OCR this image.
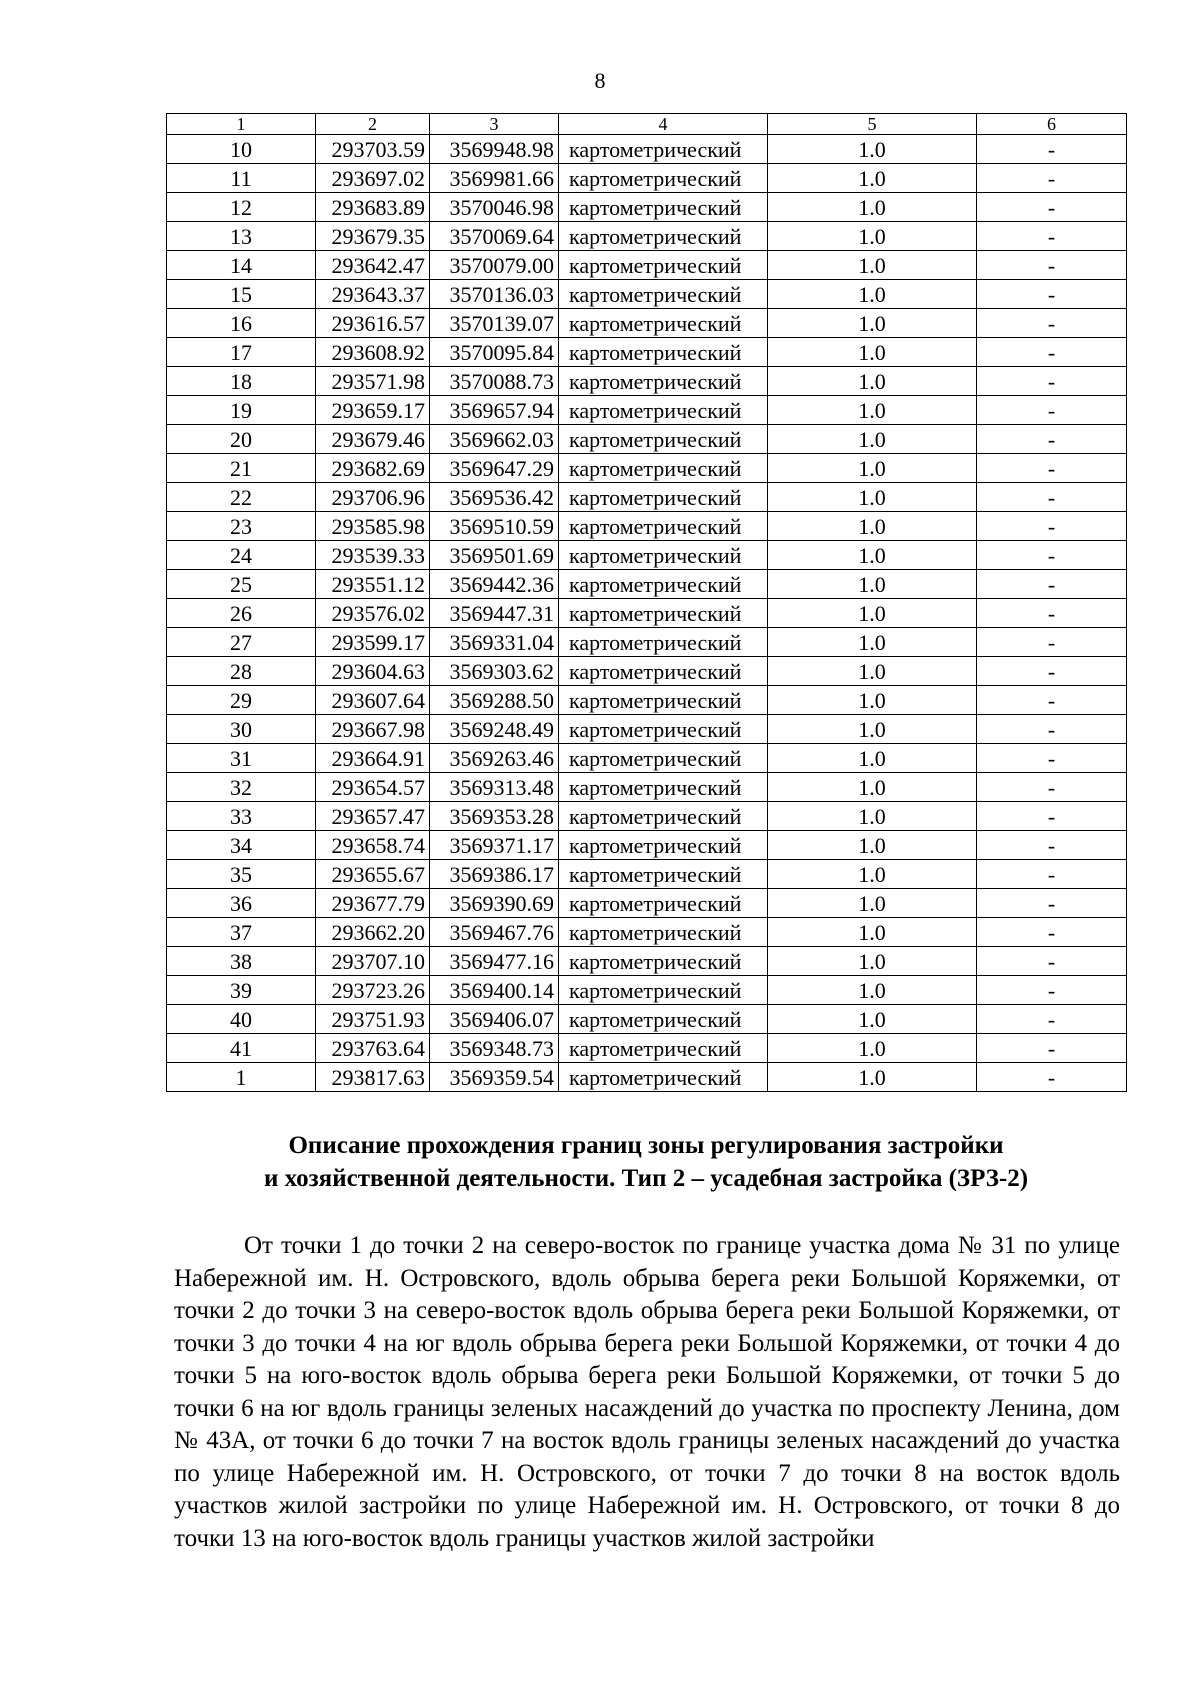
8
1	2	3	4	5	6
10	293703.59	3569948.98	картометрический	1.0	-
11	293697.02	3569981.66	картометрический	1.0	-
12	293683.89	3570046.98	картометрический	1.0	-
13	293679.35	3570069.64	картометрический	1.0	-
14	293642.47	3570079.00	картометрический	1.0	-
15	293643.37	3570136.03	картометрический	1.0	-
16	293616.57	3570139.07	картометрический	1.0	-
17	293608.92	3570095.84	картометрический	1.0	-
18	293571.98	3570088.73	картометрический	1.0	-
19	293659.17	3569657.94	картометрический	1.0	-
20	293679.46	3569662.03	картометрический	1.0	-
21	293682.69	3569647.29	картометрический	1.0	-
22	293706.96	3569536.42	картометрический	1.0	-
23	293585.98	3569510.59	картометрический	1.0	-
24	293539.33	3569501.69	картометрический	1.0	-
25	293551.12	3569442.36	картометрический	1.0	-
26	293576.02	3569447.31	картометрический	1.0	-
27	293599.17	3569331.04	картометрический	1.0	-
28	293604.63	3569303.62	картометрический	1.0	-
29	293607.64	3569288.50	картометрический	1.0	-
30	293667.98	3569248.49	картометрический	1.0	-
31	293664.91	3569263.46	картометрический	1.0	-
32	293654.57	3569313.48	картометрический	1.0	-
33	293657.47	3569353.28	картометрический	1.0	-
34	293658.74	3569371.17	картометрический	1.0	-
35	293655.67	3569386.17	картометрический	1.0	-
36	293677.79	3569390.69	картометрический	1.0	-
37	293662.20	3569467.76	картометрический	1.0	-
38	293707.10	3569477.16	картометрический	1.0	-
39	293723.26	3569400.14	картометрический	1.0	-
40	293751.93	3569406.07	картометрический	1.0	-
41	293763.64	3569348.73	картометрический	1.0	-
1	293817.63	3569359.54	картометрический	1.0	-
Описание прохождения границ зоны регулирования застройки
и хозяйственной деятельности. Тип 2 – усадебная застройка (ЗРЗ-2)

От точки 1 до точки 2 на северо-восток по границе участка дома № 31 по улице Набережной им. Н. Островского, вдоль обрыва берега реки Большой Коряжемки, от точки 2 до точки 3 на северо-восток вдоль обрыва берега реки Большой Коряжемки, от точки 3 до точки 4 на юг вдоль обрыва берега реки Большой Коряжемки, от точки 4 до точки 5 на юго-восток вдоль обрыва берега реки Большой Коряжемки, от точки 5 до точки 6 на юг вдоль границы зеленых насаждений до участка по проспекту Ленина, дом № 43А, от точки 6 до точки 7 на восток вдоль границы зеленых насаждений до участка по улице Набережной им. Н. Островского, от точки 7 до точки 8 на восток вдоль участков жилой застройки по улице Набережной им. Н. Островского, от точки 8 до точки 13 на юго-восток вдоль границы участков жилой застройки
